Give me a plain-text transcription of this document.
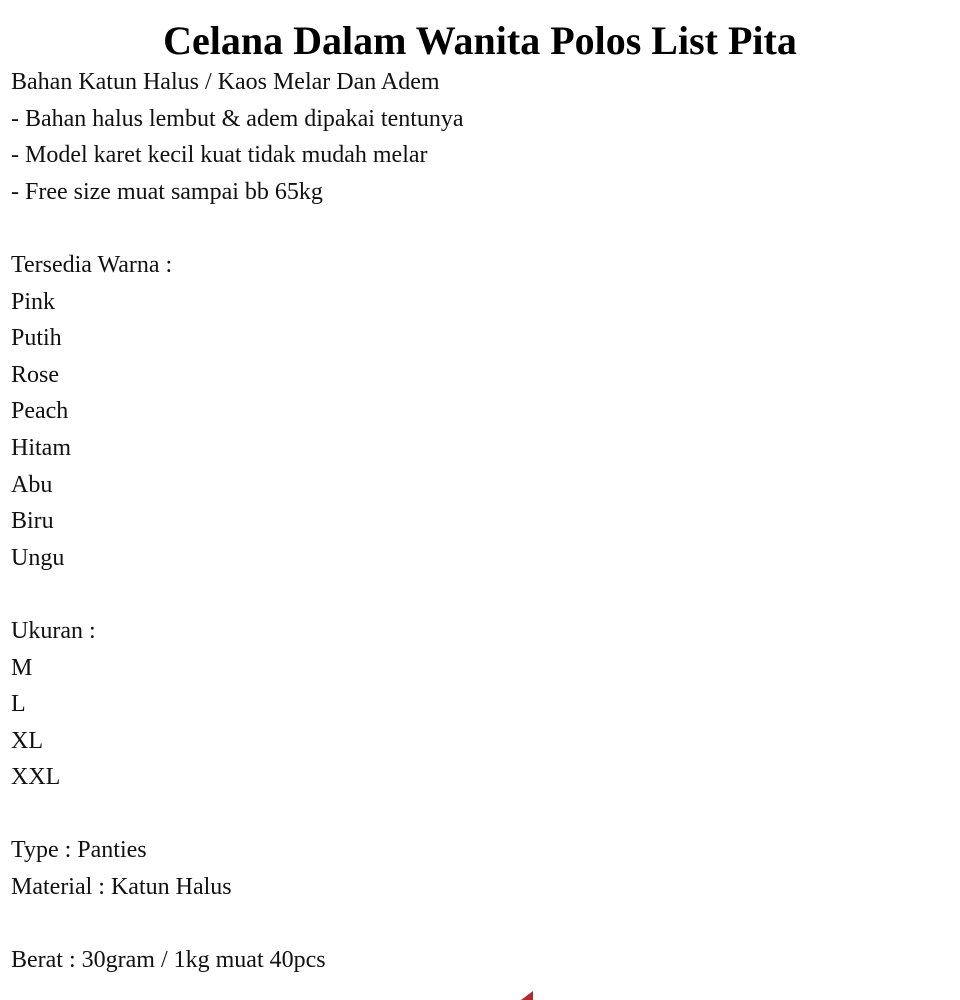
Celana Dalam Wanita Polos List Pita
Bahan Katun Halus / Kaos Melar Dan Adem
- Bahan halus lembut & adem dipakai tentunya
- Model karet kecil kuat tidak mudah melar
- Free size muat sampai bb 65kg
Tersedia Warna :
Pink
Putih
Rose
Peach
Hitam
Abu
Biru
Ungu
Ukuran :
M
L
XL
XXL
Type : Panties
Material : Katun Halus
Berat : 30gram / 1kg muat 40pcs
